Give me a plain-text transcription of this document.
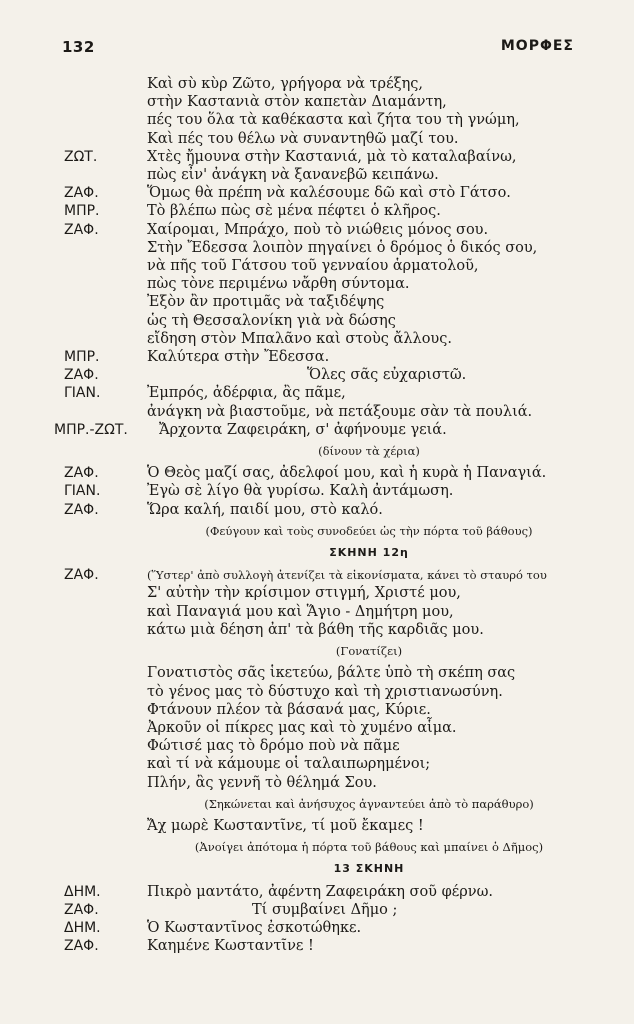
132	ΜΟΡΦΕΣ
Καὶ σὺ κὺρ Ζῶτο, γρήγορα νὰ τρέξης,
στὴν Καστανιὰ στὸν καπετὰν Διαμάντη,
πές του ὅλα τὰ καθέκαστα καὶ ζήτα του τὴ γνώμη,
Καὶ πές του θέλω νὰ συναντηθῶ μαζί του.
ΖΩΤ.	Χτὲς ἤμουνα στὴν Καστανιά, μὰ τὸ καταλαβαίνω,
πὼς εἶν' ἀνάγκη νὰ ξανανεβῶ κειπάνω.
ΖΑΦ.	Ὅμως θὰ πρέπη νὰ καλέσουμε δῶ καὶ στὸ Γάτσο.
ΜΠΡ.	Τὸ βλέπω πὼς σὲ μένα πέφτει ὁ κλῆρος.
ΖΑΦ.	Χαίρομαι, Μπράχο, ποὺ τὸ νιώθεις μόνος σου.
Στὴν Ἔδεσσα λοιπὸν πηγαίνει ὁ δρόμος ὁ δικός σου,
νὰ πῆς τοῦ Γάτσου τοῦ γενναίου ἁρματολοῦ,
πὼς τὸνε περιμένω νἄρθη σύντομα.
Ἐξὸν ἂν προτιμᾶς νὰ ταξιδέψης
ὡς τὴ Θεσσαλονίκη γιὰ νὰ δώσης
εἴδηση στὸν Μπαλᾶνο καὶ στοὺς ἄλλους.
ΜΠΡ.	Καλύτερα στὴν Ἔδεσσα.
ΖΑΦ.	Ὅλες σᾶς εὐχαριστῶ.
ΓΙΑΝ.	Ἐμπρός, ἀδέρφια, ἂς πᾶμε,
ἀνάγκη νὰ βιαστοῦμε, νὰ πετάξουμε σὰν τὰ πουλιά.
ΜΠΡ.-ΖΩΤ.	Ἄρχοντα Ζαφειράκη, σ' ἀφήνουμε γειά.
(δίνουν τὰ χέρια)
ΖΑΦ.	Ὁ Θεὸς μαζί σας, ἀδελφοί μου, καὶ ἡ κυρὰ ἡ Παναγιά.
ΓΙΑΝ.	Ἐγὼ σὲ λίγο θὰ γυρίσω. Καλὴ ἀντάμωση.
ΖΑΦ.	Ὥρα καλή, παιδί μου, στὸ καλό.
(Φεύγουν καὶ τοὺς συνοδεύει ὡς τὴν πόρτα τοῦ βάθους)
ΣΚΗΝΗ 12η
ΖΑΦ.	(Ὕστερ' ἀπὸ συλλογὴ ἀτενίζει τὰ εἰκονίσματα, κάνει τὸ σταυρό του
Σ' αὐτὴν τὴν κρίσιμον στιγμή, Χριστέ μου,
καὶ Παναγιά μου καὶ Ἅγιο - Δημήτρη μου,
κάτω μιὰ δέηση ἀπ' τὰ βάθη τῆς καρδιᾶς μου.
(Γονατίζει)
Γονατιστὸς σᾶς ἱκετεύω, βάλτε ὑπὸ τὴ σκέπη σας
τὸ γένος μας τὸ δύστυχο καὶ τὴ χριστιανωσύνη.
Φτάνουν πλέον τὰ βάσανά μας, Κύριε.
Ἀρκοῦν οἱ πίκρες μας καὶ τὸ χυμένο αἷμα.
Φώτισέ μας τὸ δρόμο ποὺ νὰ πᾶμε
καὶ τί νὰ κάμουμε οἱ ταλαιπωρημένοι;
Πλήν, ἂς γεννῆ τὸ θέλημά Σου.
(Σηκώνεται καὶ ἀνήσυχος ἀγναντεύει ἀπὸ τὸ παράθυρο)
Ἄχ μωρὲ Κωσταντῖνε, τί μοῦ ἔκαμες !
(Ἀνοίγει ἀπότομα ἡ πόρτα τοῦ βάθους καὶ μπαίνει ὁ Δῆμος)
13 ΣΚΗΝΗ
ΔΗΜ.	Πικρὸ μαντάτο, ἀφέντη Ζαφειράκη σοῦ φέρνω.
ΖΑΦ.	Τί συμβαίνει Δῆμο ;
ΔΗΜ.	Ὁ Κωσταντῖνος ἐσκοτώθηκε.
ΖΑΦ.	Καημένε Κωσταντῖνε !
